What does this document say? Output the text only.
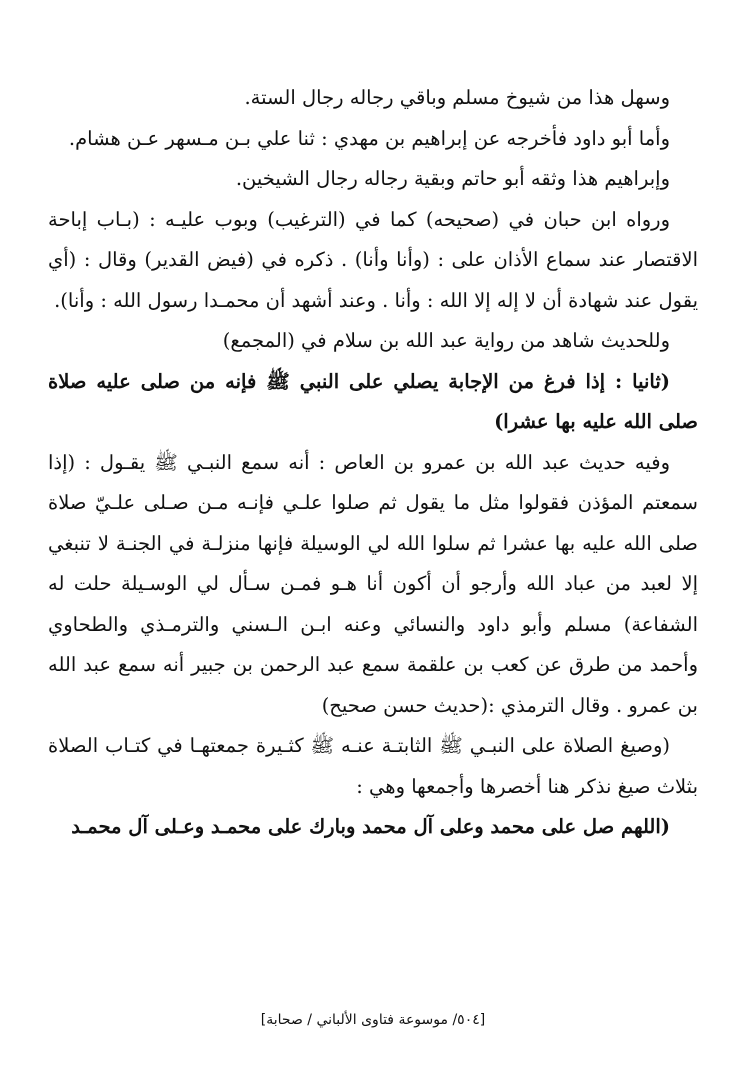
وسهل هذا من شيوخ مسلم وباقي رجاله رجال الستة.

وأما أبو داود فأخرجه عن إبراهيم بن مهدي : ثنا علي بـن مـسهر عـن هشام.

وإبراهيم هذا وثقه أبو حاتم وبقية رجاله رجال الشيخين.

ورواه ابن حبان في (صحيحه) كما في (الترغيب) وبوب عليـه : (بـاب إباحة الاقتصار عند سماع الأذان على : (وأنا وأنا) . ذكره في (فيض القدير) وقال : (أي يقول عند شهادة أن لا إله إلا الله : وأنا . وعند أشهد أن محمـدا رسول الله : وأنا).

وللحديث شاهد من رواية عبد الله بن سلام في (المجمع)

(ثانيا : إذا فرغ من الإجابة يصلي على النبي ﷺ فإنه من صلى عليه صلاة صلى الله عليه بها عشرا)

وفيه حديث عبد الله بن عمرو بن العاص : أنه سمع النبـي ﷺ يقـول : (إذا سمعتم المؤذن فقولوا مثل ما يقول ثم صلوا علـي فإنـه مـن صـلى علـيّ صلاة صلى الله عليه بها عشرا ثم سلوا الله لي الوسيلة فإنها منزلـة في الجنـة لا تنبغي إلا لعبد من عباد الله وأرجو أن أكون أنا هـو فمـن سـأل لي الوسـيلة حلت له الشفاعة) مسلم وأبو داود والنسائي وعنه ابـن الـسني والترمـذي والطحاوي وأحمد من طرق عن كعب بن علقمة سمع عبد الرحمن بن جبير أنه سمع عبد الله بن عمرو . وقال الترمذي :(حديث حسن صحيح)

(وصيغ الصلاة على النبـي ﷺ الثابتـة عنـه ﷺ كثـيرة جمعتهـا في كتـاب الصلاة بثلاث صيغ نذكر هنا أخصرها وأجمعها وهي :

(اللهم صل على محمد وعلى آل محمد وبارك على محمـد وعـلى آل محمـد

[٥٠٤/ موسوعة فتاوى الألباني / صحابة]
